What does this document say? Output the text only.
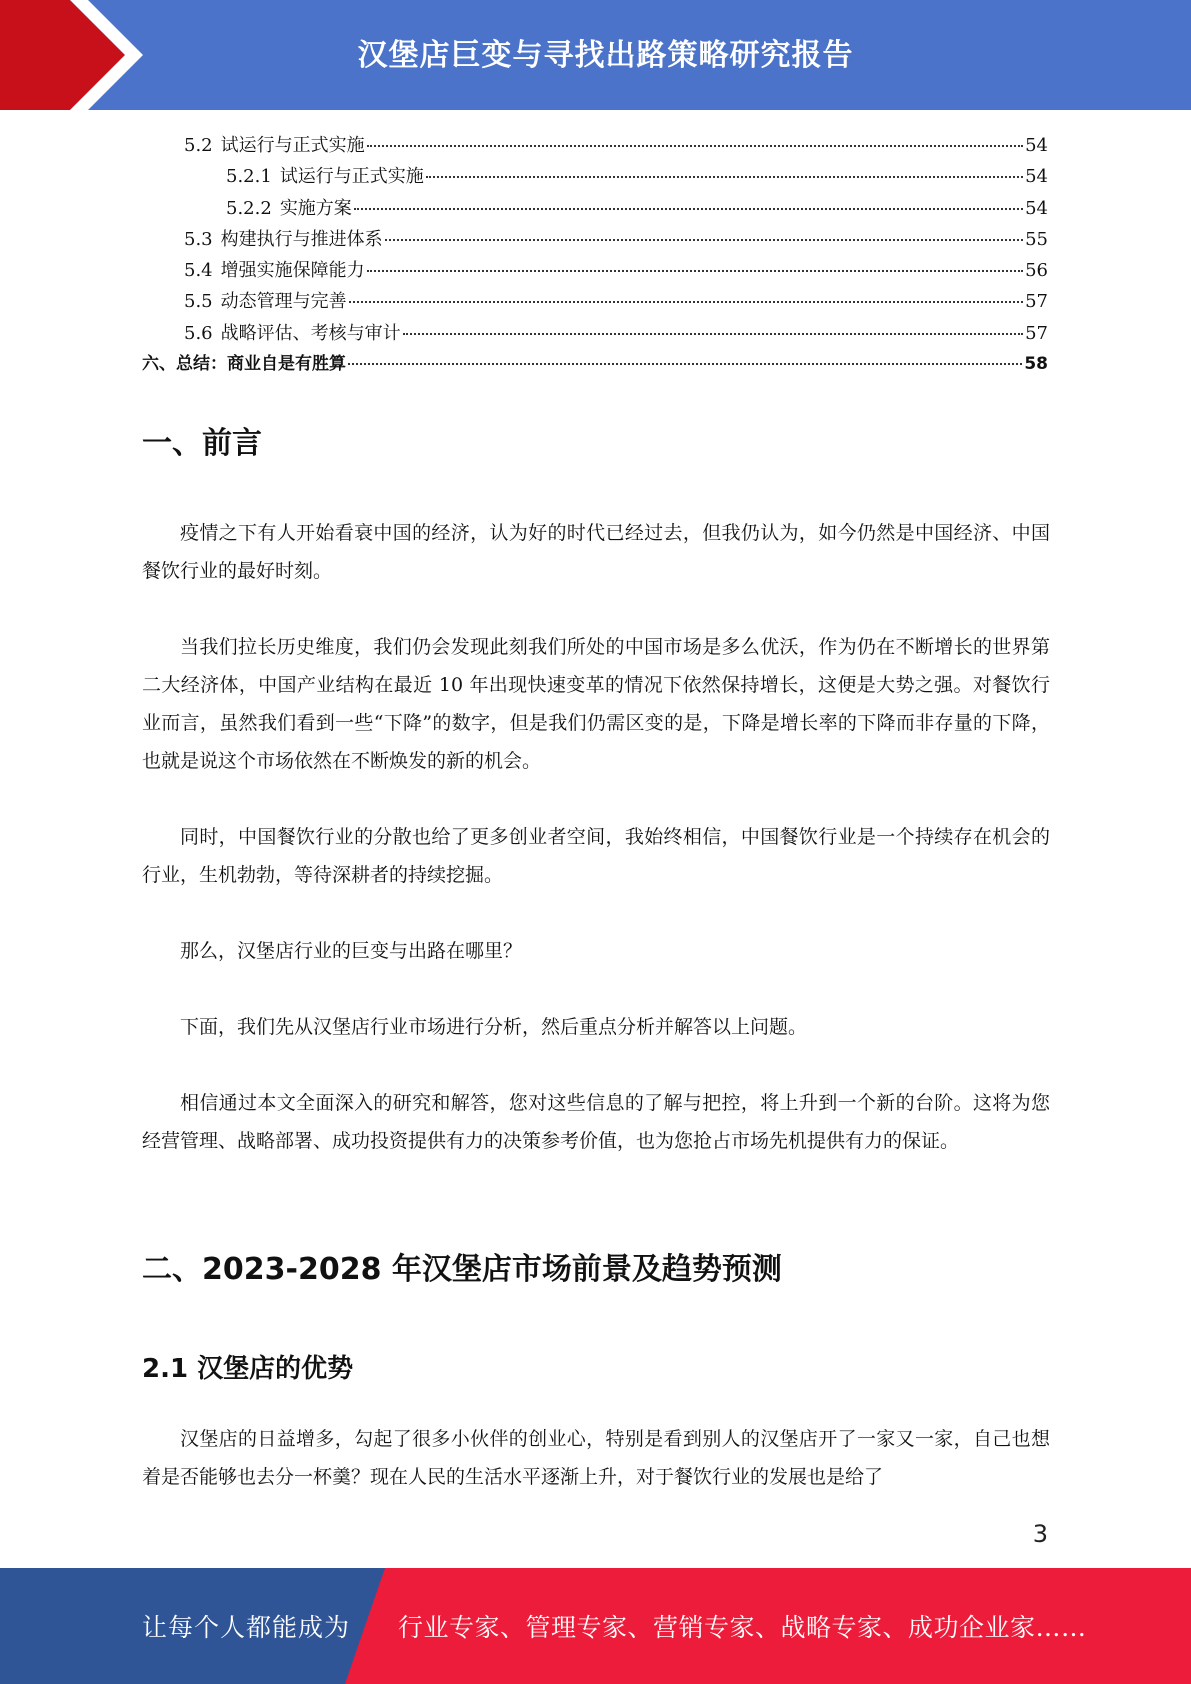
汉堡店巨变与寻找出路策略研究报告
5.2 试运行与正式实施	54
5.2.1 试运行与正式实施	54
5.2.2 实施方案	54
5.3 构建执行与推进体系	55
5.4 增强实施保障能力	56
5.5 动态管理与完善	57
5.6 战略评估、考核与审计	57
六、总结：商业自是有胜算	58
一、前言

疫情之下有人开始看衰中国的经济，认为好的时代已经过去，但我仍认为，如今仍然是中国经济、中国餐饮行业的最好时刻。

当我们拉长历史维度，我们仍会发现此刻我们所处的中国市场是多么优沃，作为仍在不断增长的世界第二大经济体，中国产业结构在最近 10 年出现快速变革的情况下依然保持增长，这便是大势之强。对餐饮行业而言，虽然我们看到一些“下降”的数字，但是我们仍需区变的是，下降是增长率的下降而非存量的下降，也就是说这个市场依然在不断焕发的新的机会。

同时，中国餐饮行业的分散也给了更多创业者空间，我始终相信，中国餐饮行业是一个持续存在机会的行业，生机勃勃，等待深耕者的持续挖掘。

那么，汉堡店行业的巨变与出路在哪里？

下面，我们先从汉堡店行业市场进行分析，然后重点分析并解答以上问题。

相信通过本文全面深入的研究和解答，您对这些信息的了解与把控，将上升到一个新的台阶。这将为您经营管理、战略部署、成功投资提供有力的决策参考价值，也为您抢占市场先机提供有力的保证。

二、2023-2028 年汉堡店市场前景及趋势预测
2.1 汉堡店的优势

汉堡店的日益增多，勾起了很多小伙伴的创业心，特别是看到别人的汉堡店开了一家又一家，自己也想着是否能够也去分一杯羹？现在人民的生活水平逐渐上升，对于餐饮行业的发展也是给了

3
让每个人都能成为 行业专家、管理专家、营销专家、战略专家、成功企业家……
